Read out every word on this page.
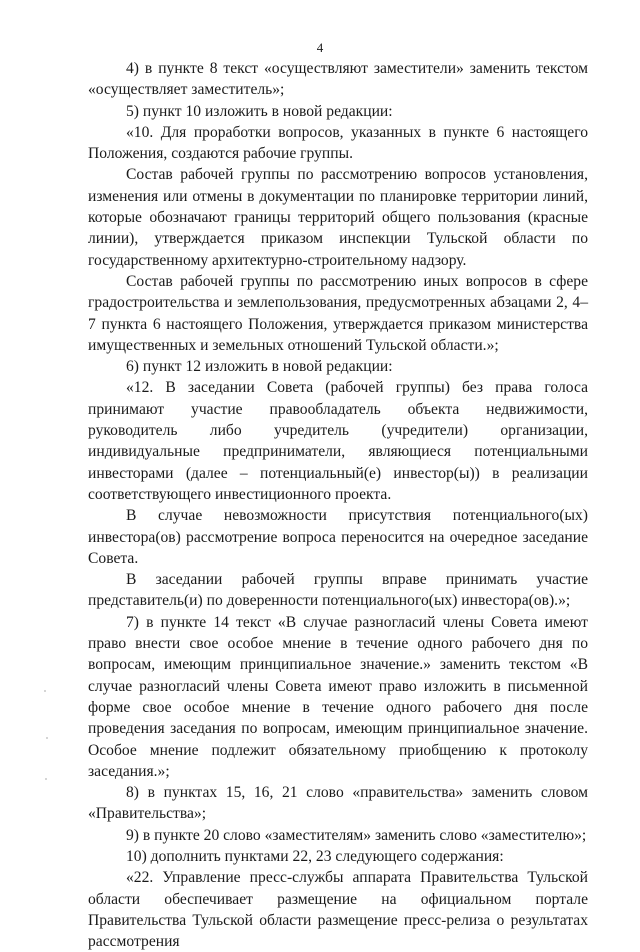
4

4) в пункте 8 текст «осуществляют заместители» заменить текстом «осуществляет заместитель»;

5) пункт 10 изложить в новой редакции:

«10. Для проработки вопросов, указанных в пункте 6 настоящего Положения, создаются рабочие группы.

Состав рабочей группы по рассмотрению вопросов установления, изменения или отмены в документации по планировке территории линий, которые обозначают границы территорий общего пользования (красные линии), утверждается приказом инспекции Тульской области по государственному архитектурно-строительному надзору.

Состав рабочей группы по рассмотрению иных вопросов в сфере градостроительства и землепользования, предусмотренных абзацами 2, 4–7 пункта 6 настоящего Положения, утверждается приказом министерства имущественных и земельных отношений Тульской области.»;

6) пункт 12 изложить в новой редакции:

«12. В заседании Совета (рабочей группы) без права голоса принимают участие правообладатель объекта недвижимости, руководитель либо учредитель (учредители) организации, индивидуальные предприниматели, являющиеся потенциальными инвесторами (далее – потенциальный(е) инвестор(ы)) в реализации соответствующего инвестиционного проекта.

В случае невозможности присутствия потенциального(ых) инвестора(ов) рассмотрение вопроса переносится на очередное заседание Совета.

В заседании рабочей группы вправе принимать участие представитель(и) по доверенности потенциального(ых) инвестора(ов).»;

7) в пункте 14 текст «В случае разногласий члены Совета имеют право внести свое особое мнение в течение одного рабочего дня по вопросам, имеющим принципиальное значение.» заменить текстом «В случае разногласий члены Совета имеют право изложить в письменной форме свое особое мнение в течение одного рабочего дня после проведения заседания по вопросам, имеющим принципиальное значение. Особое мнение подлежит обязательному приобщению к протоколу заседания.»;

8) в пунктах 15, 16, 21 слово «правительства» заменить словом «Правительства»;

9) в пункте 20 слово «заместителям» заменить слово «заместителю»;

10) дополнить пунктами 22, 23 следующего содержания:

«22. Управление пресс-службы аппарата Правительства Тульской области обеспечивает размещение на официальном портале Правительства Тульской области размещение пресс-релиза о результатах рассмотрения
